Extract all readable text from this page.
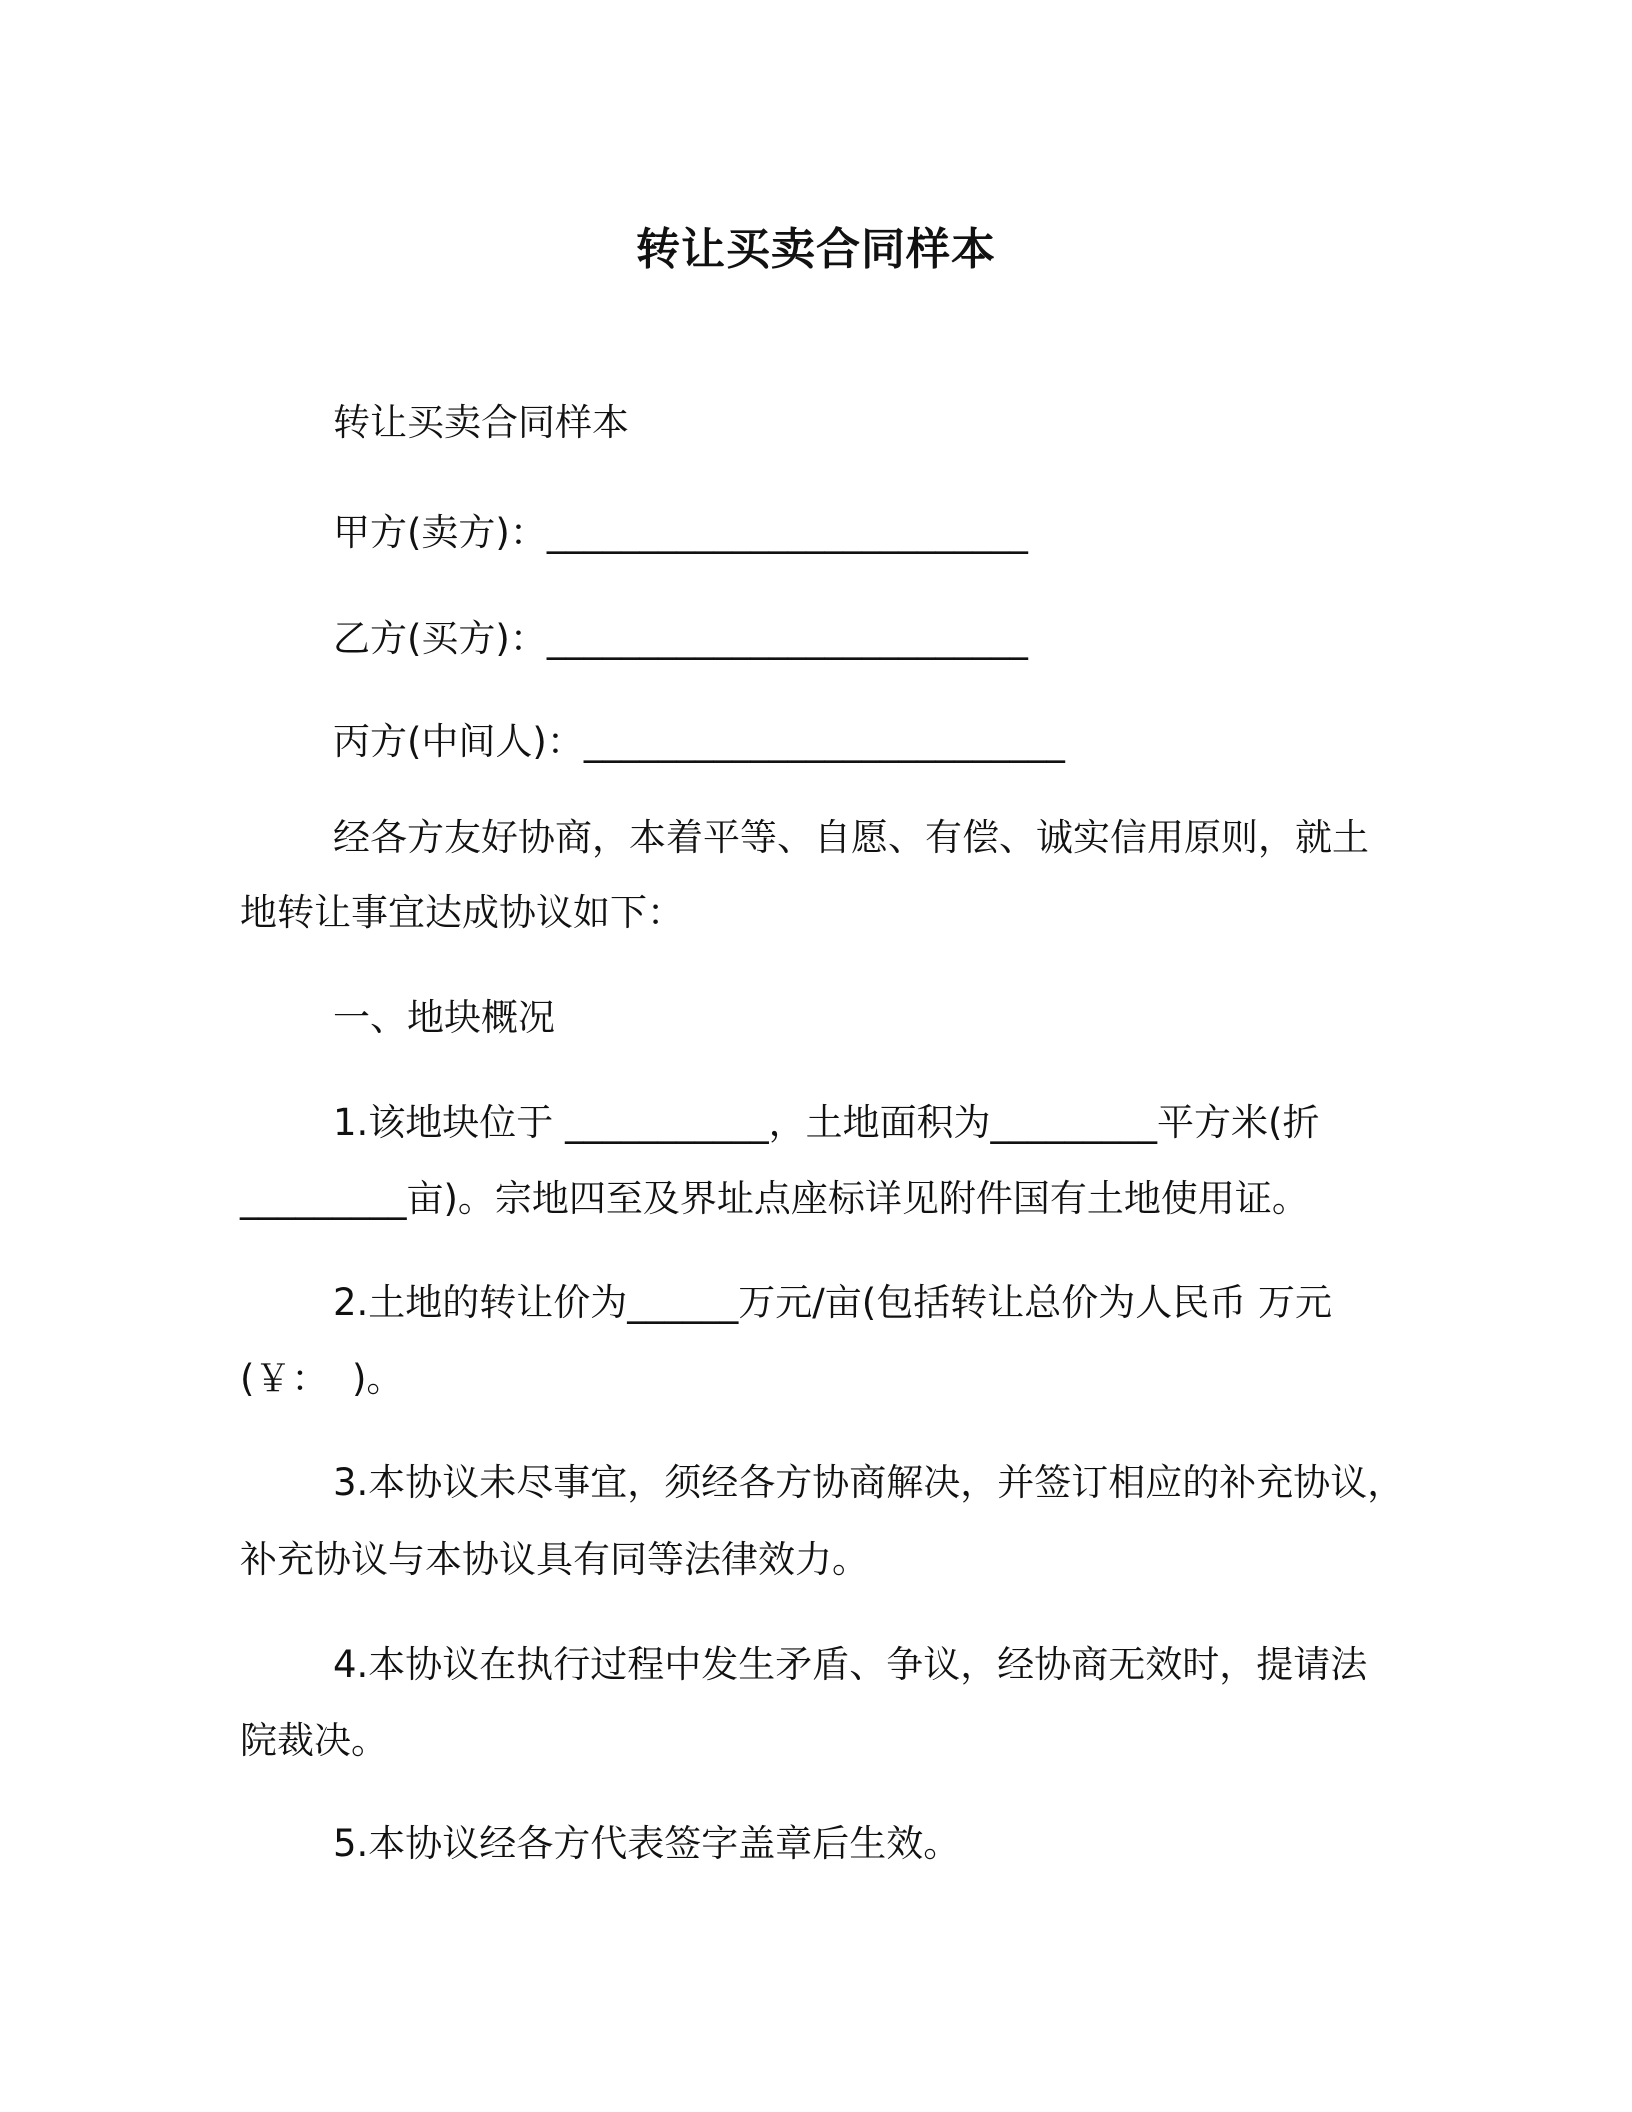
转让买卖合同样本
转让买卖合同样本
甲方(卖方)：__________________________
乙方(买方)：__________________________
丙方(中间人)：__________________________
经各方友好协商，本着平等、自愿、有偿、诚实信用原则，就土
地转让事宜达成协议如下：
一、地块概况
1.该地块位于 ___________，土地面积为_________平方米(折
_________亩)。宗地四至及界址点座标详见附件国有土地使用证。
2.土地的转让价为______万元/亩(包括转让总价为人民币 万元
(￥：  )。
3.本协议未尽事宜，须经各方协商解决，并签订相应的补充协议，
补充协议与本协议具有同等法律效力。
4.本协议在执行过程中发生矛盾、争议，经协商无效时，提请法
院裁决。
5.本协议经各方代表签字盖章后生效。
